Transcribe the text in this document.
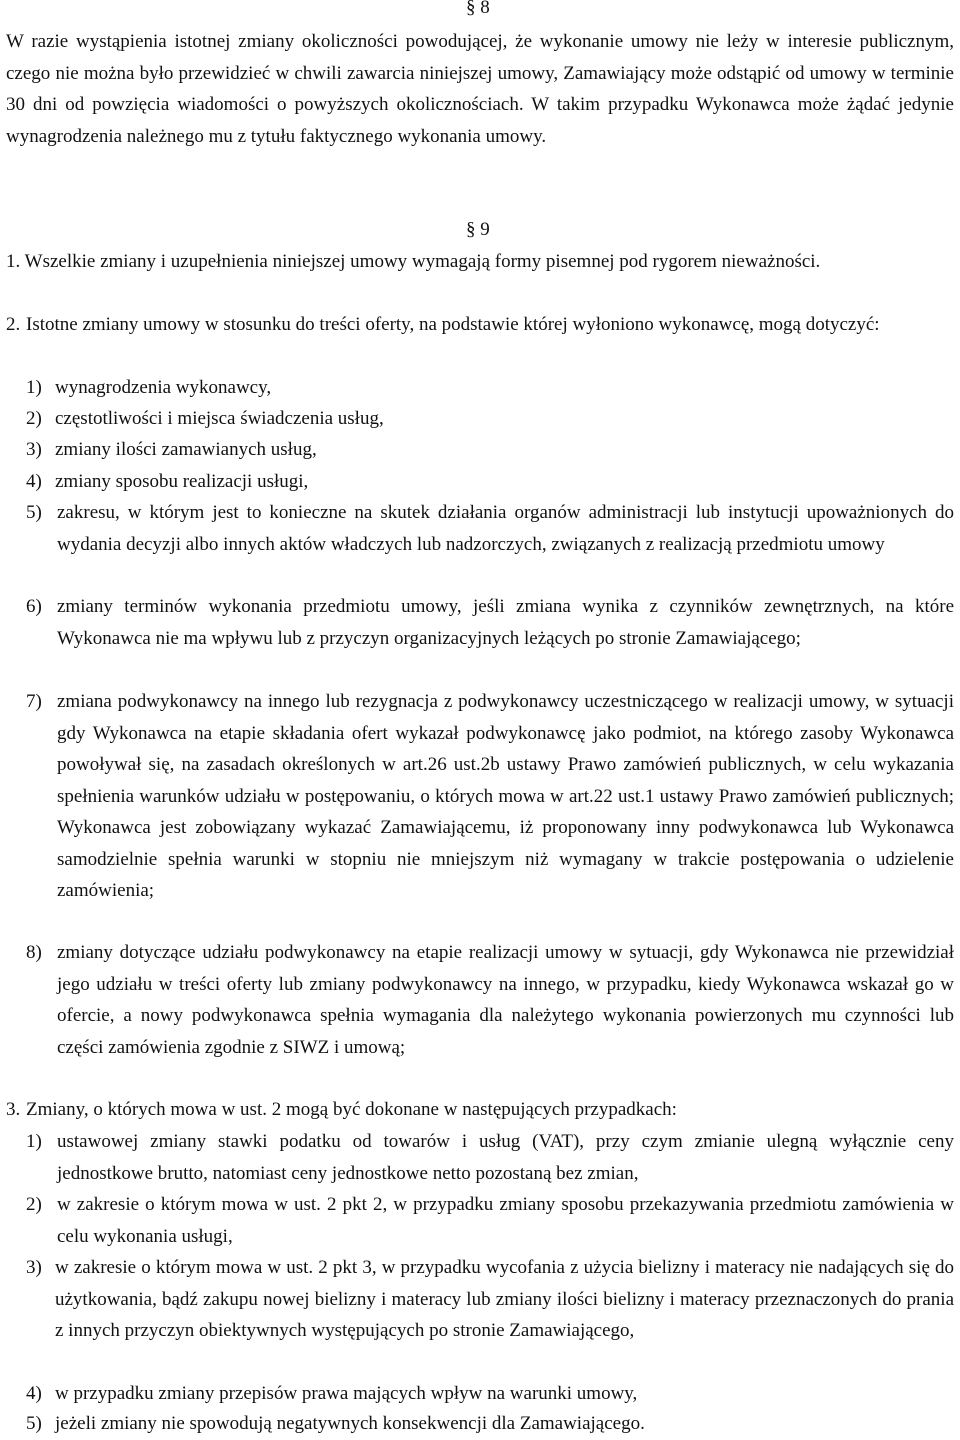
§ 8
W razie wystąpienia istotnej zmiany okoliczności powodującej, że wykonanie umowy nie leży w interesie publicznym, czego nie można było przewidzieć w chwili zawarcia niniejszej umowy, Zamawiający może odstąpić od umowy w terminie 30 dni od powzięcia wiadomości o powyższych okolicznościach. W takim przypadku Wykonawca może żądać jedynie wynagrodzenia należnego mu z tytułu faktycznego wykonania umowy.
§ 9
1. Wszelkie zmiany i uzupełnienia niniejszej umowy wymagają formy pisemnej pod rygorem nieważności.
2. Istotne zmiany umowy w stosunku do treści oferty, na podstawie której wyłoniono wykonawcę, mogą dotyczyć:
1) wynagrodzenia wykonawcy,
2) częstotliwości i miejsca świadczenia usług,
3) zmiany ilości zamawianych usług,
4) zmiany sposobu realizacji usługi,
5) zakresu, w którym jest to konieczne na skutek działania organów administracji lub instytucji upoważnionych do wydania decyzji albo innych aktów władczych lub nadzorczych, związanych z realizacją przedmiotu umowy
6) zmiany terminów wykonania przedmiotu umowy, jeśli zmiana wynika z czynników zewnętrznych, na które Wykonawca nie ma wpływu lub z przyczyn organizacyjnych leżących po stronie Zamawiającego;
7) zmiana podwykonawcy na innego lub rezygnacja z podwykonawcy uczestniczącego w realizacji umowy, w sytuacji gdy Wykonawca na etapie składania ofert wykazał podwykonawcę jako podmiot, na którego zasoby Wykonawca powoływał się, na zasadach określonych w art.26 ust.2b ustawy Prawo zamówień publicznych, w celu wykazania spełnienia warunków udziału w postępowaniu, o których mowa w art.22 ust.1 ustawy Prawo zamówień publicznych; Wykonawca jest zobowiązany wykazać Zamawiającemu, iż proponowany inny podwykonawca lub Wykonawca samodzielnie spełnia warunki w stopniu nie mniejszym niż wymagany w trakcie postępowania o udzielenie zamówienia;
8) zmiany dotyczące udziału podwykonawcy na etapie realizacji umowy w sytuacji, gdy Wykonawca nie przewidział jego udziału w treści oferty lub zmiany podwykonawcy na innego, w przypadku, kiedy Wykonawca wskazał go w ofercie, a nowy podwykonawca spełnia wymagania dla należytego wykonania powierzonych mu czynności lub części zamówienia zgodnie z SIWZ i umową;
3. Zmiany, o których mowa w ust. 2 mogą być dokonane w następujących przypadkach:
1) ustawowej zmiany stawki podatku od towarów i usług (VAT), przy czym zmianie ulegną wyłącznie ceny jednostkowe brutto, natomiast ceny jednostkowe netto pozostaną bez zmian,
2) w zakresie o którym mowa w ust. 2 pkt 2, w przypadku zmiany sposobu przekazywania przedmiotu zamówienia w celu wykonania usługi,
3) w zakresie o którym mowa w ust. 2 pkt 3, w przypadku wycofania z użycia bielizny i materacy nie nadających się do użytkowania, bądź zakupu nowej bielizny i materacy lub zmiany ilości bielizny i materacy przeznaczonych do prania z innych przyczyn obiektywnych występujących po stronie Zamawiającego,
4) w przypadku zmiany przepisów prawa mających wpływ na warunki umowy,
5) jeżeli zmiany nie spowodują negatywnych konsekwencji dla Zamawiającego.
